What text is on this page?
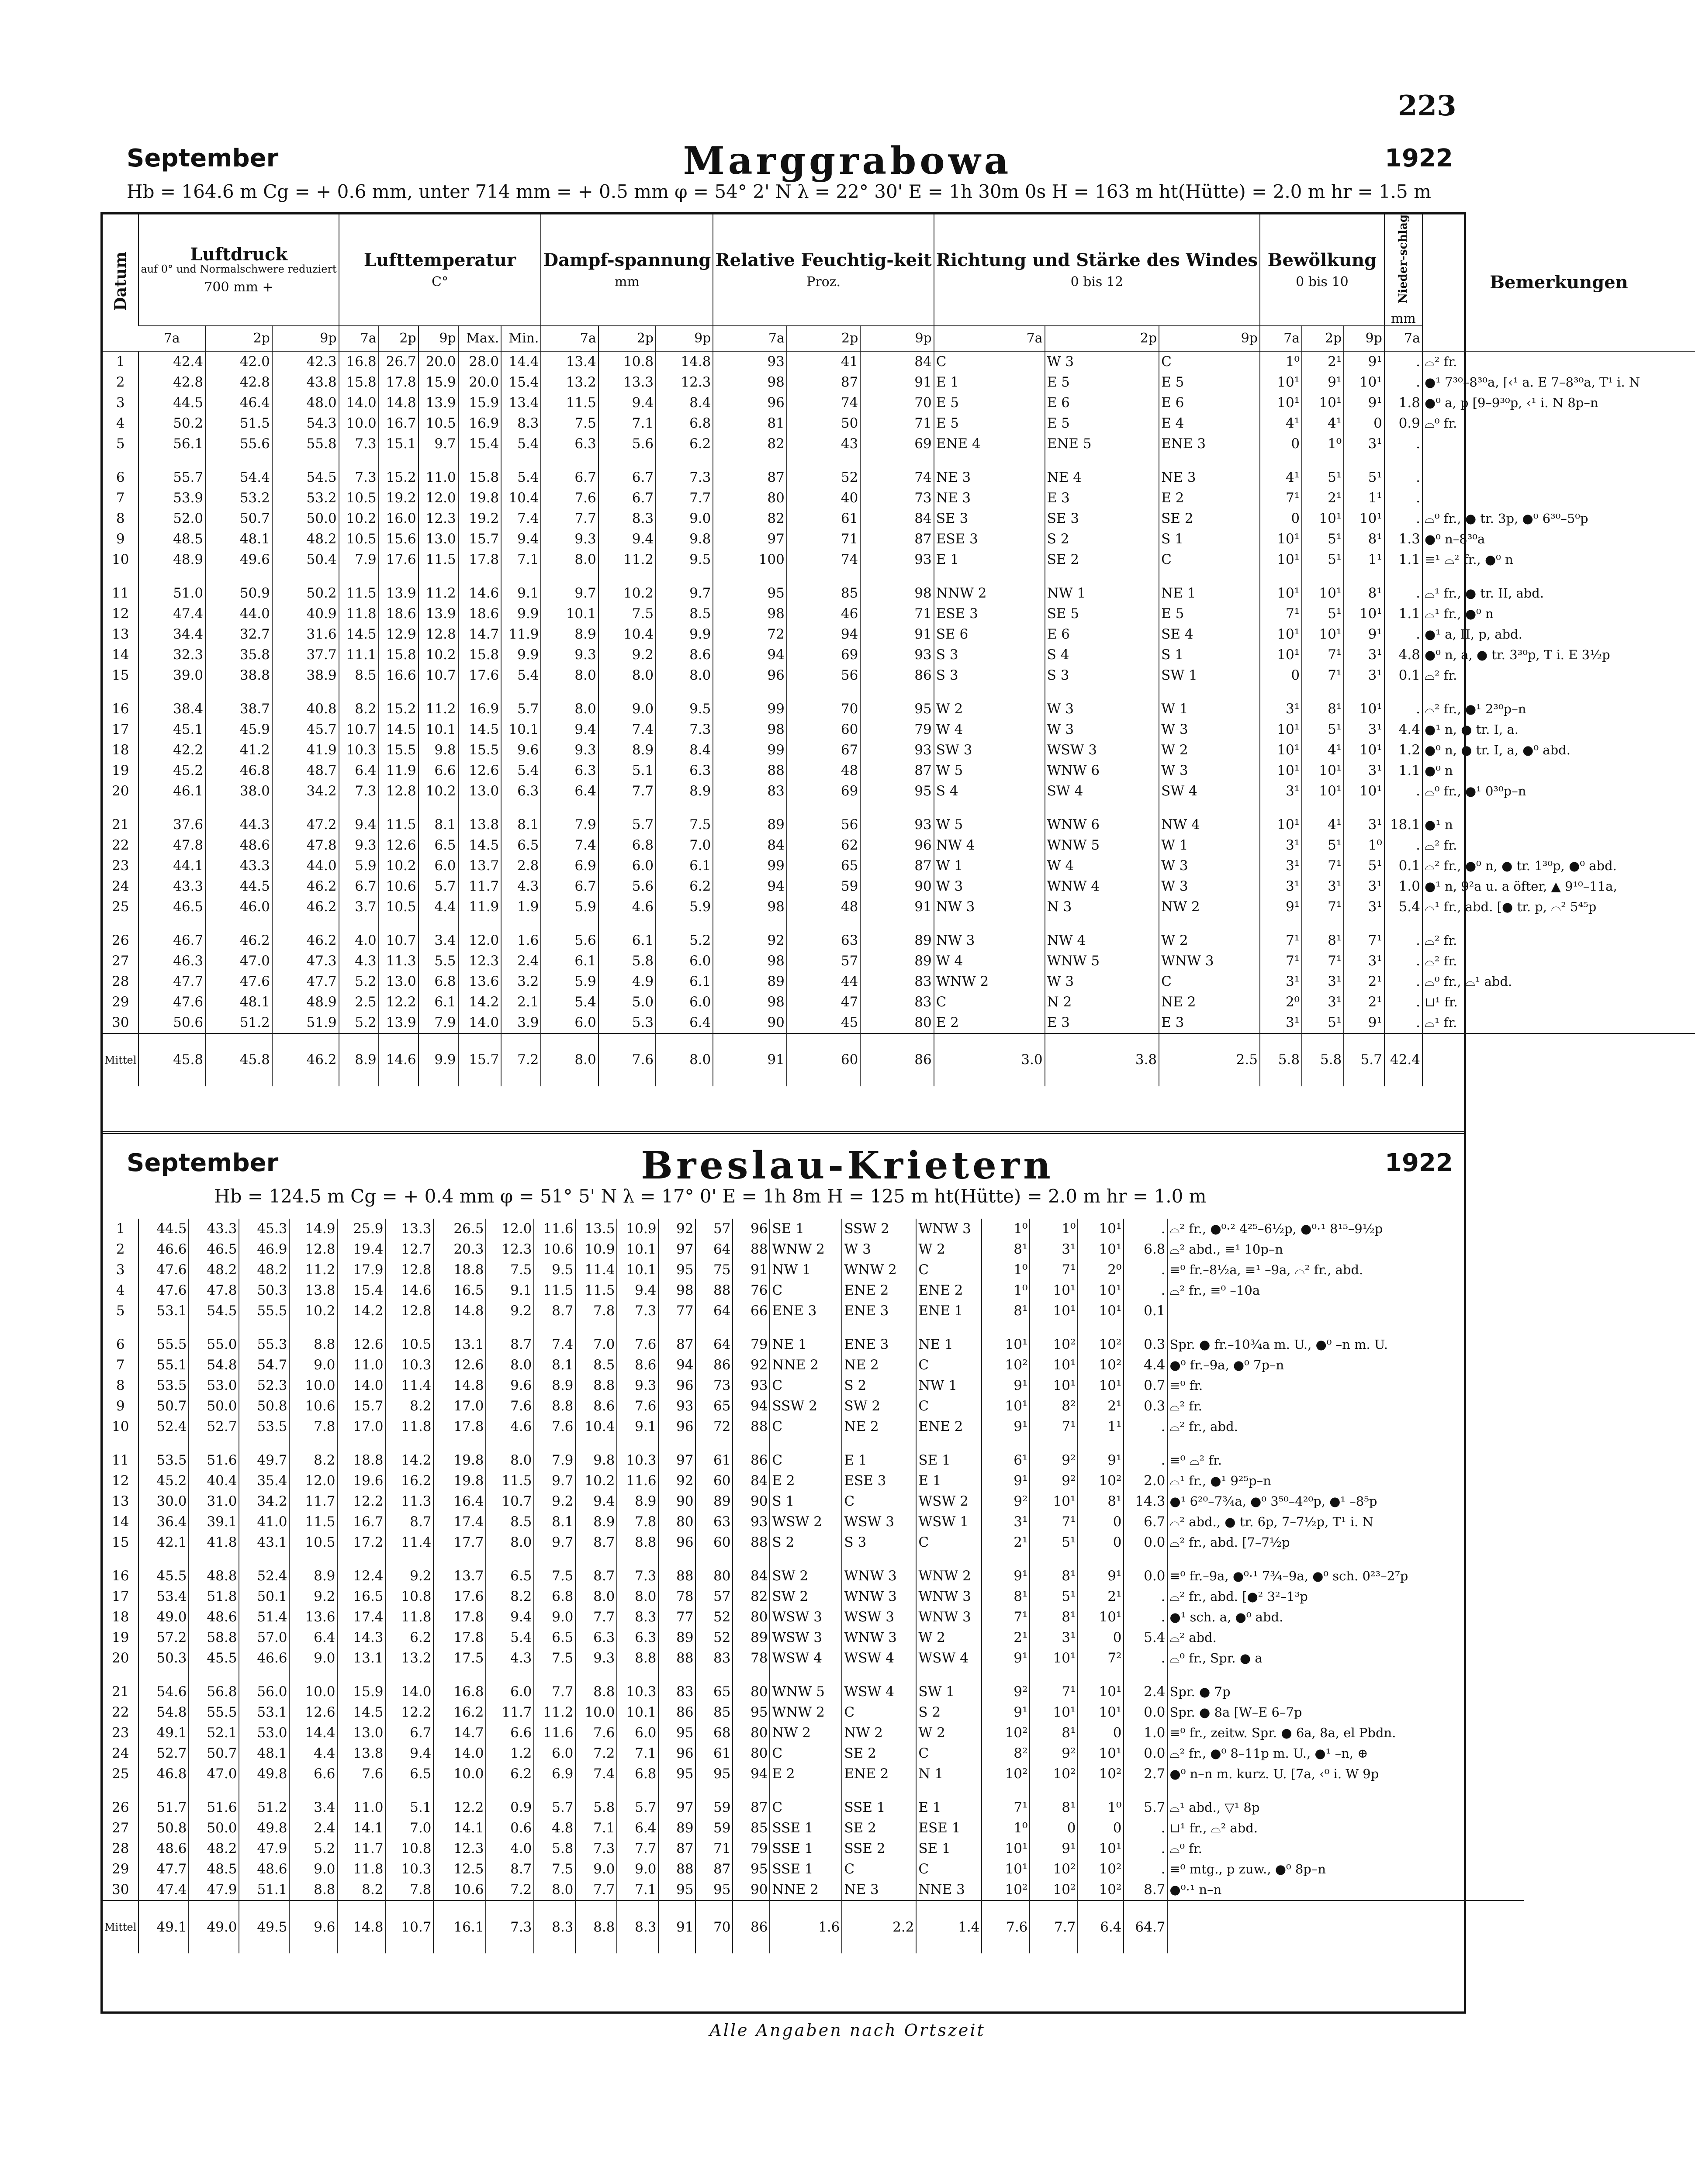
223
September	Marggrabowa	1922
Hb = 164.6 m Cg = + 0.6 mm, unter 714 mm = + 0.5 mm φ = 54° 2' N λ = 22° 30' E = 1h 30m 0s H = 163 m ht(Hütte) = 2.0 m hr = 1.5 m
Datum	Luftdruck
auf 0° und Normalschwere reduziert
700 mm +			Lufttemperatur
C°					Dampf-spannung
mm			Relative Feuchtig-keit
Proz.			Richtung und Stärke des Windes
0 bis 12			Bewölkung
0 bis 10			Nieder-schlag
mm	Bemerkungen

	7a	2p	9p	7a	2p	9p	Max.	Min.	7a	2p	9p	7a	2p	9p	7a	2p	9p	7a	2p	9p	7a	
1	42.4	42.0	42.3	16.8	26.7	20.0	28.0	14.4	13.4	10.8	14.8	93	41	84	C	W 3	C	1⁰	2¹	9¹	.	⌓² fr.
2	42.8	42.8	43.8	15.8	17.8	15.9	20.0	15.4	13.2	13.3	12.3	98	87	91	E 1	E 5	E 5	10¹	9¹	10¹	.	●¹ 7³⁰–8³⁰a, ⌈‹¹ a. E 7–8³⁰a, T¹ i. N
3	44.5	46.4	48.0	14.0	14.8	13.9	15.9	13.4	11.5	9.4	8.4	96	74	70	E 5	E 6	E 6	10¹	10¹	9¹	1.8	●⁰ a, p [9–9³⁰p, ‹¹ i. N 8p–n
4	50.2	51.5	54.3	10.0	16.7	10.5	16.9	8.3	7.5	7.1	6.8	81	50	71	E 5	E 5	E 4	4¹	4¹	0	0.9	⌓⁰ fr.
5	56.1	55.6	55.8	7.3	15.1	9.7	15.4	5.4	6.3	5.6	6.2	82	43	69	ENE 4	ENE 5	ENE 3	0	1⁰	3¹	.	
6	55.7	54.4	54.5	7.3	15.2	11.0	15.8	5.4	6.7	6.7	7.3	87	52	74	NE 3	NE 4	NE 3	4¹	5¹	5¹	.	
7	53.9	53.2	53.2	10.5	19.2	12.0	19.8	10.4	7.6	6.7	7.7	80	40	73	NE 3	E 3	E 2	7¹	2¹	1¹	.	
8	52.0	50.7	50.0	10.2	16.0	12.3	19.2	7.4	7.7	8.3	9.0	82	61	84	SE 3	SE 3	SE 2	0	10¹	10¹	.	⌓⁰ fr., ● tr. 3p, ●⁰ 6³⁰–5⁰p
9	48.5	48.1	48.2	10.5	15.6	13.0	15.7	9.4	9.3	9.4	9.8	97	71	87	ESE 3	S 2	S 1	10¹	5¹	8¹	1.3	●⁰ n–8³⁰a
10	48.9	49.6	50.4	7.9	17.6	11.5	17.8	7.1	8.0	11.2	9.5	100	74	93	E 1	SE 2	C	10¹	5¹	1¹	1.1	≡¹ ⌓² fr., ●⁰ n
11	51.0	50.9	50.2	11.5	13.9	11.2	14.6	9.1	9.7	10.2	9.7	95	85	98	NNW 2	NW 1	NE 1	10¹	10¹	8¹	.	⌓¹ fr., ● tr. II, abd.
12	47.4	44.0	40.9	11.8	18.6	13.9	18.6	9.9	10.1	7.5	8.5	98	46	71	ESE 3	SE 5	E 5	7¹	5¹	10¹	1.1	⌓¹ fr., ●⁰ n
13	34.4	32.7	31.6	14.5	12.9	12.8	14.7	11.9	8.9	10.4	9.9	72	94	91	SE 6	E 6	SE 4	10¹	10¹	9¹	.	●¹ a, II, p, abd.
14	32.3	35.8	37.7	11.1	15.8	10.2	15.8	9.9	9.3	9.2	8.6	94	69	93	S 3	S 4	S 1	10¹	7¹	3¹	4.8	●⁰ n, a, ● tr. 3³⁰p, T i. E 3½p
15	39.0	38.8	38.9	8.5	16.6	10.7	17.6	5.4	8.0	8.0	8.0	96	56	86	S 3	S 3	SW 1	0	7¹	3¹	0.1	⌓² fr.
16	38.4	38.7	40.8	8.2	15.2	11.2	16.9	5.7	8.0	9.0	9.5	99	70	95	W 2	W 3	W 1	3¹	8¹	10¹	.	⌓² fr., ●¹ 2³⁰p–n
17	45.1	45.9	45.7	10.7	14.5	10.1	14.5	10.1	9.4	7.4	7.3	98	60	79	W 4	W 3	W 3	10¹	5¹	3¹	4.4	●¹ n, ● tr. I, a.
18	42.2	41.2	41.9	10.3	15.5	9.8	15.5	9.6	9.3	8.9	8.4	99	67	93	SW 3	WSW 3	W 2	10¹	4¹	10¹	1.2	●⁰ n, ● tr. I, a, ●⁰ abd.
19	45.2	46.8	48.7	6.4	11.9	6.6	12.6	5.4	6.3	5.1	6.3	88	48	87	W 5	WNW 6	W 3	10¹	10¹	3¹	1.1	●⁰ n
20	46.1	38.0	34.2	7.3	12.8	10.2	13.0	6.3	6.4	7.7	8.9	83	69	95	S 4	SW 4	SW 4	3¹	10¹	10¹	.	⌓⁰ fr., ●¹ 0³⁰p–n
21	37.6	44.3	47.2	9.4	11.5	8.1	13.8	8.1	7.9	5.7	7.5	89	56	93	W 5	WNW 6	NW 4	10¹	4¹	3¹	18.1	●¹ n
22	47.8	48.6	47.8	9.3	12.6	6.5	14.5	6.5	7.4	6.8	7.0	84	62	96	NW 4	WNW 5	W 1	3¹	5¹	1⁰	.	⌓² fr.
23	44.1	43.3	44.0	5.9	10.2	6.0	13.7	2.8	6.9	6.0	6.1	99	65	87	W 1	W 4	W 3	3¹	7¹	5¹	0.1	⌓² fr., ●⁰ n, ● tr. 1³⁰p, ●⁰ abd.
24	43.3	44.5	46.2	6.7	10.6	5.7	11.7	4.3	6.7	5.6	6.2	94	59	90	W 3	WNW 4	W 3	3¹	3¹	3¹	1.0	●¹ n, 9²a u. a öfter, ▲ 9¹⁰–11a,
25	46.5	46.0	46.2	3.7	10.5	4.4	11.9	1.9	5.9	4.6	5.9	98	48	91	NW 3	N 3	NW 2	9¹	7¹	3¹	5.4	⌓¹ fr., abd. [● tr. p, ⌒² 5⁴⁵p
26	46.7	46.2	46.2	4.0	10.7	3.4	12.0	1.6	5.6	6.1	5.2	92	63	89	NW 3	NW 4	W 2	7¹	8¹	7¹	.	⌓² fr.
27	46.3	47.0	47.3	4.3	11.3	5.5	12.3	2.4	6.1	5.8	6.0	98	57	89	W 4	WNW 5	WNW 3	7¹	7¹	3¹	.	⌓² fr.
28	47.7	47.6	47.7	5.2	13.0	6.8	13.6	3.2	5.9	4.9	6.1	89	44	83	WNW 2	W 3	C	3¹	3¹	2¹	.	⌓⁰ fr., ⌓¹ abd.
29	47.6	48.1	48.9	2.5	12.2	6.1	14.2	2.1	5.4	5.0	6.0	98	47	83	C	N 2	NE 2	2⁰	3¹	2¹	.	⊔¹ fr.
30	50.6	51.2	51.9	5.2	13.9	7.9	14.0	3.9	6.0	5.3	6.4	90	45	80	E 2	E 3	E 3	3¹	5¹	9¹	.	⌓¹ fr.
Mittel	45.8	45.8	46.2	8.9	14.6	9.9	15.7	7.2	8.0	7.6	8.0	91	60	86	3.0	3.8	2.5	5.8	5.8	5.7	42.4	
September	Breslau-Krietern	1922
Hb = 124.5 m Cg = + 0.4 mm φ = 51° 5' N λ = 17° 0' E = 1h 8m H = 125 m ht(Hütte) = 2.0 m hr = 1.0 m
1	44.5	43.3	45.3	14.9	25.9	13.3	26.5	12.0	11.6	13.5	10.9	92	57	96	SE 1	SSW 2	WNW 3	1⁰	1⁰	10¹	.	⌓² fr., ●⁰·² 4²⁵–6½p, ●⁰·¹ 8¹⁵–9½p
2	46.6	46.5	46.9	12.8	19.4	12.7	20.3	12.3	10.6	10.9	10.1	97	64	88	WNW 2	W 3	W 2	8¹	3¹	10¹	6.8	⌓² abd., ≡¹ 10p–n
3	47.6	48.2	48.2	11.2	17.9	12.8	18.8	7.5	9.5	11.4	10.1	95	75	91	NW 1	WNW 2	C	1⁰	7¹	2⁰	.	≡⁰ fr.–8½a, ≡¹ –9a, ⌓² fr., abd.
4	47.6	47.8	50.3	13.8	15.4	14.6	16.5	9.1	11.5	11.5	9.4	98	88	76	C	ENE 2	ENE 2	1⁰	10¹	10¹	.	⌓² fr., ≡⁰ –10a
5	53.1	54.5	55.5	10.2	14.2	12.8	14.8	9.2	8.7	7.8	7.3	77	64	66	ENE 3	ENE 3	ENE 1	8¹	10¹	10¹	0.1	
6	55.5	55.0	55.3	8.8	12.6	10.5	13.1	8.7	7.4	7.0	7.6	87	64	79	NE 1	ENE 3	NE 1	10¹	10²	10²	0.3	Spr. ● fr.–10¾a m. U., ●⁰ –n m. U.
7	55.1	54.8	54.7	9.0	11.0	10.3	12.6	8.0	8.1	8.5	8.6	94	86	92	NNE 2	NE 2	C	10²	10¹	10²	4.4	●⁰ fr.–9a, ●⁰ 7p–n
8	53.5	53.0	52.3	10.0	14.0	11.4	14.8	9.6	8.9	8.8	9.3	96	73	93	C	S 2	NW 1	9¹	10¹	10¹	0.7	≡⁰ fr.
9	50.7	50.0	50.8	10.6	15.7	8.2	17.0	7.6	8.8	8.6	7.6	93	65	94	SSW 2	SW 2	C	10¹	8²	2¹	0.3	⌓² fr.
10	52.4	52.7	53.5	7.8	17.0	11.8	17.8	4.6	7.6	10.4	9.1	96	72	88	C	NE 2	ENE 2	9¹	7¹	1¹	.	⌓² fr., abd.
11	53.5	51.6	49.7	8.2	18.8	14.2	19.8	8.0	7.9	9.8	10.3	97	61	86	C	E 1	SE 1	6¹	9²	9¹	.	≡⁰ ⌓² fr.
12	45.2	40.4	35.4	12.0	19.6	16.2	19.8	11.5	9.7	10.2	11.6	92	60	84	E 2	ESE 3	E 1	9¹	9²	10²	2.0	⌓¹ fr., ●¹ 9²⁵p–n
13	30.0	31.0	34.2	11.7	12.2	11.3	16.4	10.7	9.2	9.4	8.9	90	89	90	S 1	C	WSW 2	9²	10¹	8¹	14.3	●¹ 6²⁰–7¾a, ●⁰ 3⁵⁰–4²⁰p, ●¹ –8⁵p
14	36.4	39.1	41.0	11.5	16.7	8.7	17.4	8.5	8.1	8.9	7.8	80	63	93	WSW 2	WSW 3	WSW 1	3¹	7¹	0	6.7	⌓² abd., ● tr. 6p, 7–7½p, T¹ i. N
15	42.1	41.8	43.1	10.5	17.2	11.4	17.7	8.0	9.7	8.7	8.8	96	60	88	S 2	S 3	C	2¹	5¹	0	0.0	⌓² fr., abd. [7–7½p
16	45.5	48.8	52.4	8.9	12.4	9.2	13.7	6.5	7.5	8.7	7.3	88	80	84	SW 2	WNW 3	WNW 2	9¹	8¹	9¹	0.0	≡⁰ fr.–9a, ●⁰·¹ 7¾–9a, ●⁰ sch. 0²³–2⁷p
17	53.4	51.8	50.1	9.2	16.5	10.8	17.6	8.2	6.8	8.0	8.0	78	57	82	SW 2	WNW 3	WNW 3	8¹	5¹	2¹	.	⌓² fr., abd. [●² 3²–1³p
18	49.0	48.6	51.4	13.6	17.4	11.8	17.8	9.4	9.0	7.7	8.3	77	52	80	WSW 3	WSW 3	WNW 3	7¹	8¹	10¹	.	●¹ sch. a, ●⁰ abd.
19	57.2	58.8	57.0	6.4	14.3	6.2	17.8	5.4	6.5	6.3	6.3	89	52	89	WSW 3	WNW 3	W 2	2¹	3¹	0	5.4	⌓² abd.
20	50.3	45.5	46.6	9.0	13.1	13.2	17.5	4.3	7.5	9.3	8.8	88	83	78	WSW 4	WSW 4	WSW 4	9¹	10¹	7²	.	⌓⁰ fr., Spr. ● a
21	54.6	56.8	56.0	10.0	15.9	14.0	16.8	6.0	7.7	8.8	10.3	83	65	80	WNW 5	WSW 4	SW 1	9²	7¹	10¹	2.4	Spr. ● 7p
22	54.8	55.5	53.1	12.6	14.5	12.2	16.2	11.7	11.2	10.0	10.1	86	85	95	WNW 2	C	S 2	9¹	10¹	10¹	0.0	Spr. ● 8a [W–E 6–7p
23	49.1	52.1	53.0	14.4	13.0	6.7	14.7	6.6	11.6	7.6	6.0	95	68	80	NW 2	NW 2	W 2	10²	8¹	0	1.0	≡⁰ fr., zeitw. Spr. ● 6a, 8a, el Pbdn.
24	52.7	50.7	48.1	4.4	13.8	9.4	14.0	1.2	6.0	7.2	7.1	96	61	80	C	SE 2	C	8²	9²	10¹	0.0	⌓² fr., ●⁰ 8–11p m. U., ●¹ –n, ⊕
25	46.8	47.0	49.8	6.6	7.6	6.5	10.0	6.2	6.9	7.4	6.8	95	95	94	E 2	ENE 2	N 1	10²	10²	10²	2.7	●⁰ n–n m. kurz. U. [7a, ‹⁰ i. W 9p
26	51.7	51.6	51.2	3.4	11.0	5.1	12.2	0.9	5.7	5.8	5.7	97	59	87	C	SSE 1	E 1	7¹	8¹	1⁰	5.7	⌓¹ abd., ▽¹ 8p
27	50.8	50.0	49.8	2.4	14.1	7.0	14.1	0.6	4.8	7.1	6.4	89	59	85	SSE 1	SE 2	ESE 1	1⁰	0	0	.	⊔¹ fr., ⌓² abd.
28	48.6	48.2	47.9	5.2	11.7	10.8	12.3	4.0	5.8	7.3	7.7	87	71	79	SSE 1	SSE 2	SE 1	10¹	9¹	10¹	.	⌓⁰ fr.
29	47.7	48.5	48.6	9.0	11.8	10.3	12.5	8.7	7.5	9.0	9.0	88	87	95	SSE 1	C	C	10¹	10²	10²	.	≡⁰ mtg., p zuw., ●⁰ 8p–n
30	47.4	47.9	51.1	8.8	8.2	7.8	10.6	7.2	8.0	7.7	7.1	95	95	90	NNE 2	NE 3	NNE 3	10²	10²	10²	8.7	●⁰·¹ n–n
Mittel	49.1	49.0	49.5	9.6	14.8	10.7	16.1	7.3	8.3	8.8	8.3	91	70	86	1.6	2.2	1.4	7.6	7.7	6.4	64.7	
Alle Angaben nach Ortszeit
